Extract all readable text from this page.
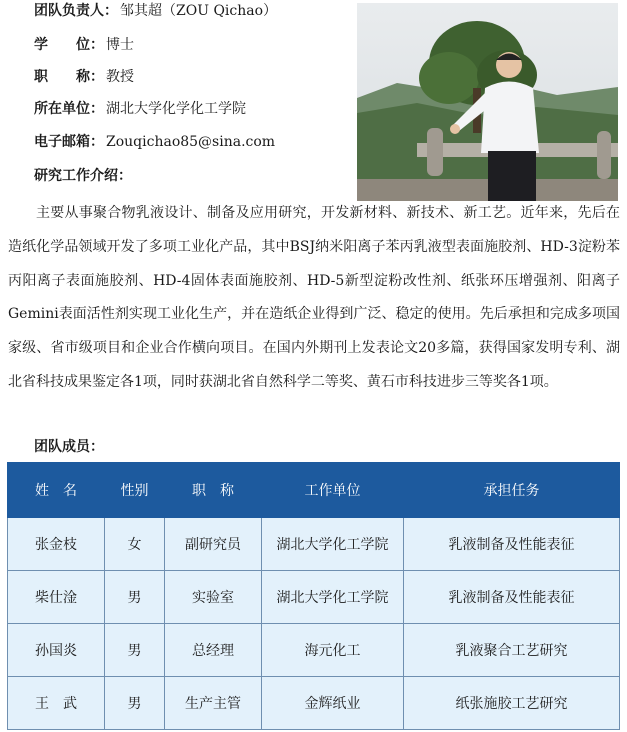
团队负责人： 邹其超（ZOU Qichao）
学　　位： 博士
职　　称： 教授
所在单位： 湖北大学化学化工学院
电子邮箱： Zouqichao85@sina.com
研究工作介绍：

主要从事聚合物乳液设计、制备及应用研究，开发新材料、新技术、新工艺。近年来，先后在造纸化学品领域开发了多项工业化产品，其中BSJ纳米阳离子苯丙乳液型表面施胶剂、HD-3淀粉苯丙阳离子表面施胶剂、HD-4固体表面施胶剂、HD-5新型淀粉改性剂、纸张环压增强剂、阳离子Gemini表面活性剂实现工业化生产，并在造纸企业得到广泛、稳定的使用。先后承担和完成多项国家级、省市级项目和企业合作横向项目。在国内外期刊上发表论文20多篇，获得国家发明专利、湖北省科技成果鉴定各1项，同时获湖北省自然科学二等奖、黄石市科技进步三等奖各1项。

团队成员：
姓　名	性别	职　称	工作单位	承担任务
张金枝	女	副研究员	湖北大学化工学院	乳液制备及性能表征
柴仕淦	男	实验室	湖北大学化工学院	乳液制备及性能表征
孙国炎	男	总经理	海元化工	乳液聚合工艺研究
王　武	男	生产主管	金辉纸业	纸张施胶工艺研究
